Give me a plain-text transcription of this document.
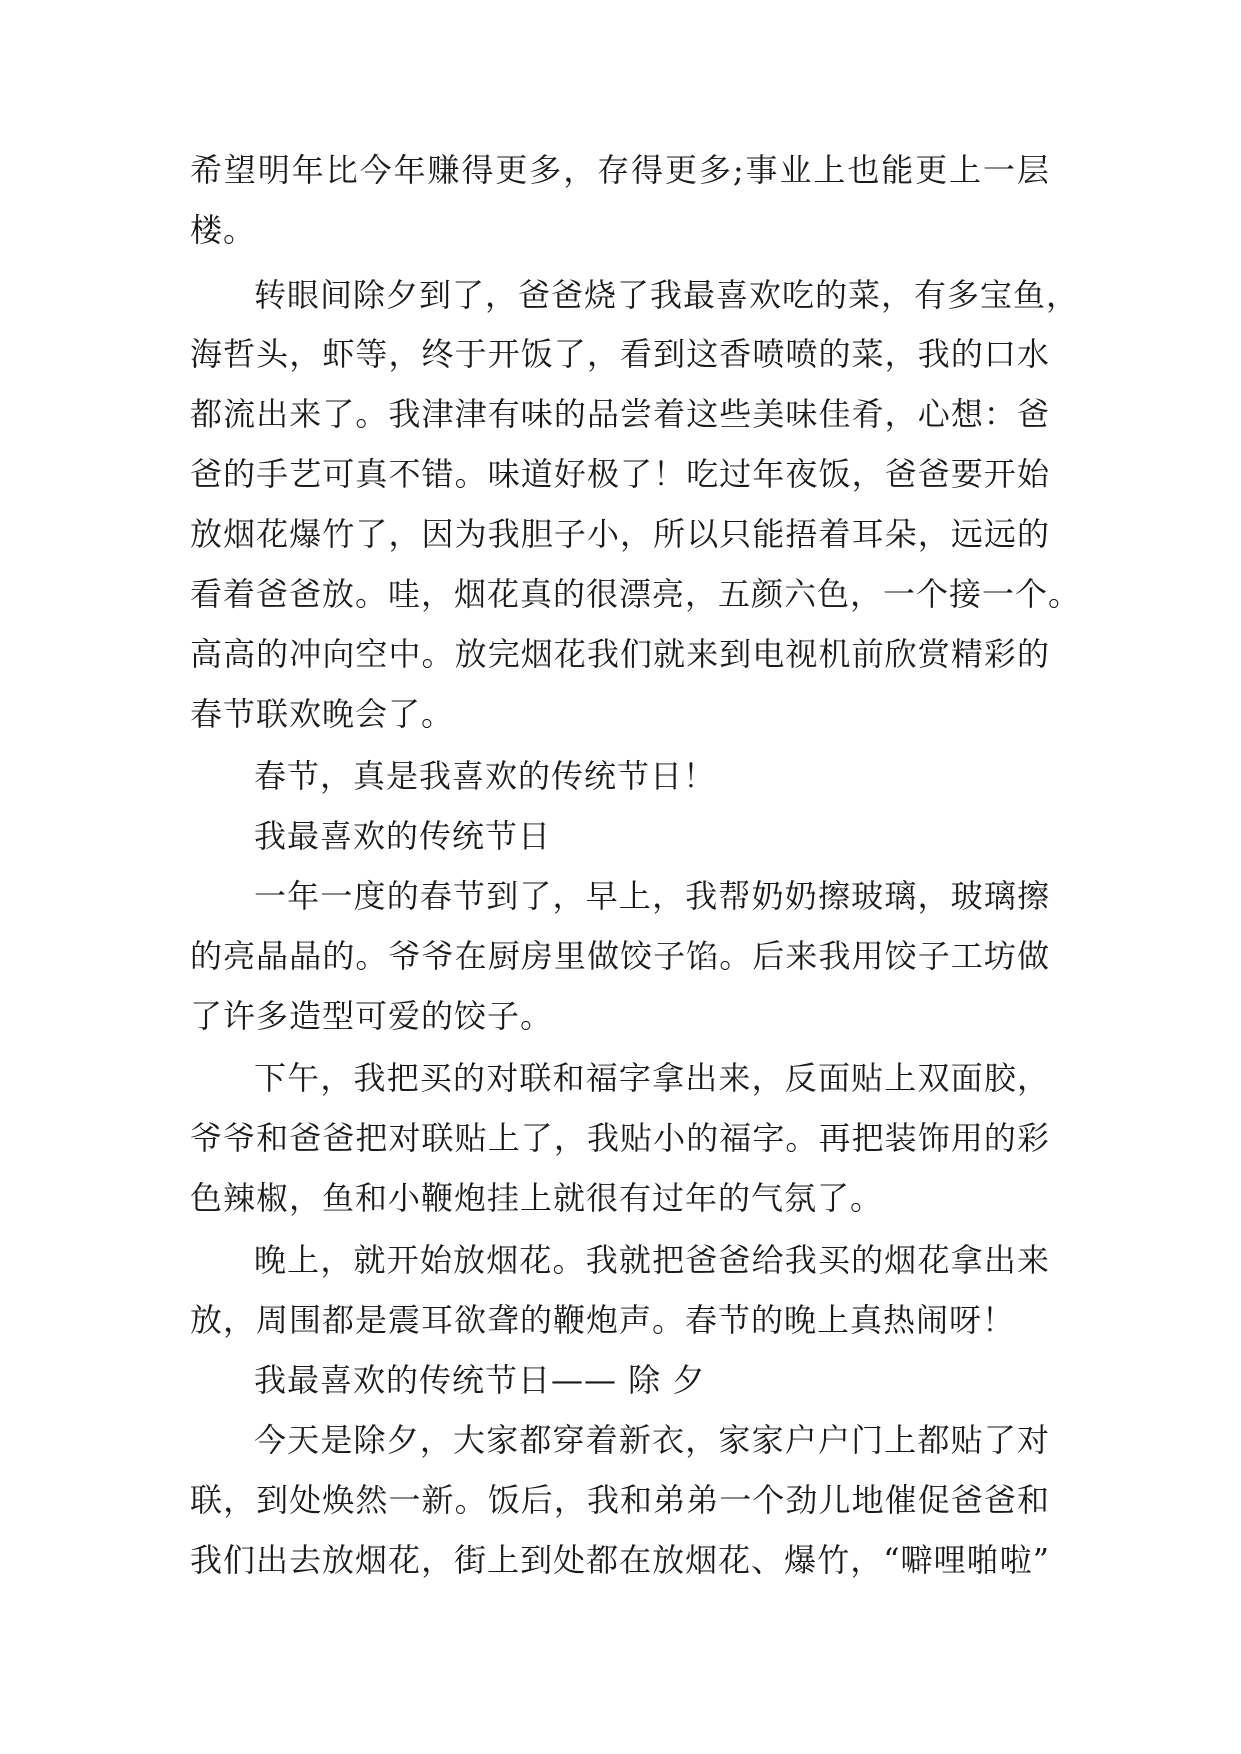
希望明年比今年赚得更多，存得更多;事业上也能更上一层
楼。
转眼间除夕到了，爸爸烧了我最喜欢吃的菜，有多宝鱼，
海哲头，虾等，终于开饭了，看到这香喷喷的菜，我的口水
都流出来了。我津津有味的品尝着这些美味佳肴，心想：爸
爸的手艺可真不错。味道好极了！吃过年夜饭，爸爸要开始
放烟花爆竹了，因为我胆子小，所以只能捂着耳朵，远远的
看着爸爸放。哇，烟花真的很漂亮，五颜六色，一个接一个。
高高的冲向空中。放完烟花我们就来到电视机前欣赏精彩的
春节联欢晚会了。
春节，真是我喜欢的传统节日！
我最喜欢的传统节日
一年一度的春节到了，早上，我帮奶奶擦玻璃，玻璃擦
的亮晶晶的。爷爷在厨房里做饺子馅。后来我用饺子工坊做
了许多造型可爱的饺子。
下午，我把买的对联和福字拿出来，反面贴上双面胶，
爷爷和爸爸把对联贴上了，我贴小的福字。再把装饰用的彩
色辣椒，鱼和小鞭炮挂上就很有过年的气氛了。
晚上，就开始放烟花。我就把爸爸给我买的烟花拿出来
放，周围都是震耳欲聋的鞭炮声。春节的晚上真热闹呀！
我最喜欢的传统节日—— 除 夕
今天是除夕，大家都穿着新衣，家家户户门上都贴了对
联，到处焕然一新。饭后，我和弟弟一个劲儿地催促爸爸和
我们出去放烟花，街上到处都在放烟花、爆竹，“噼哩啪啦”
